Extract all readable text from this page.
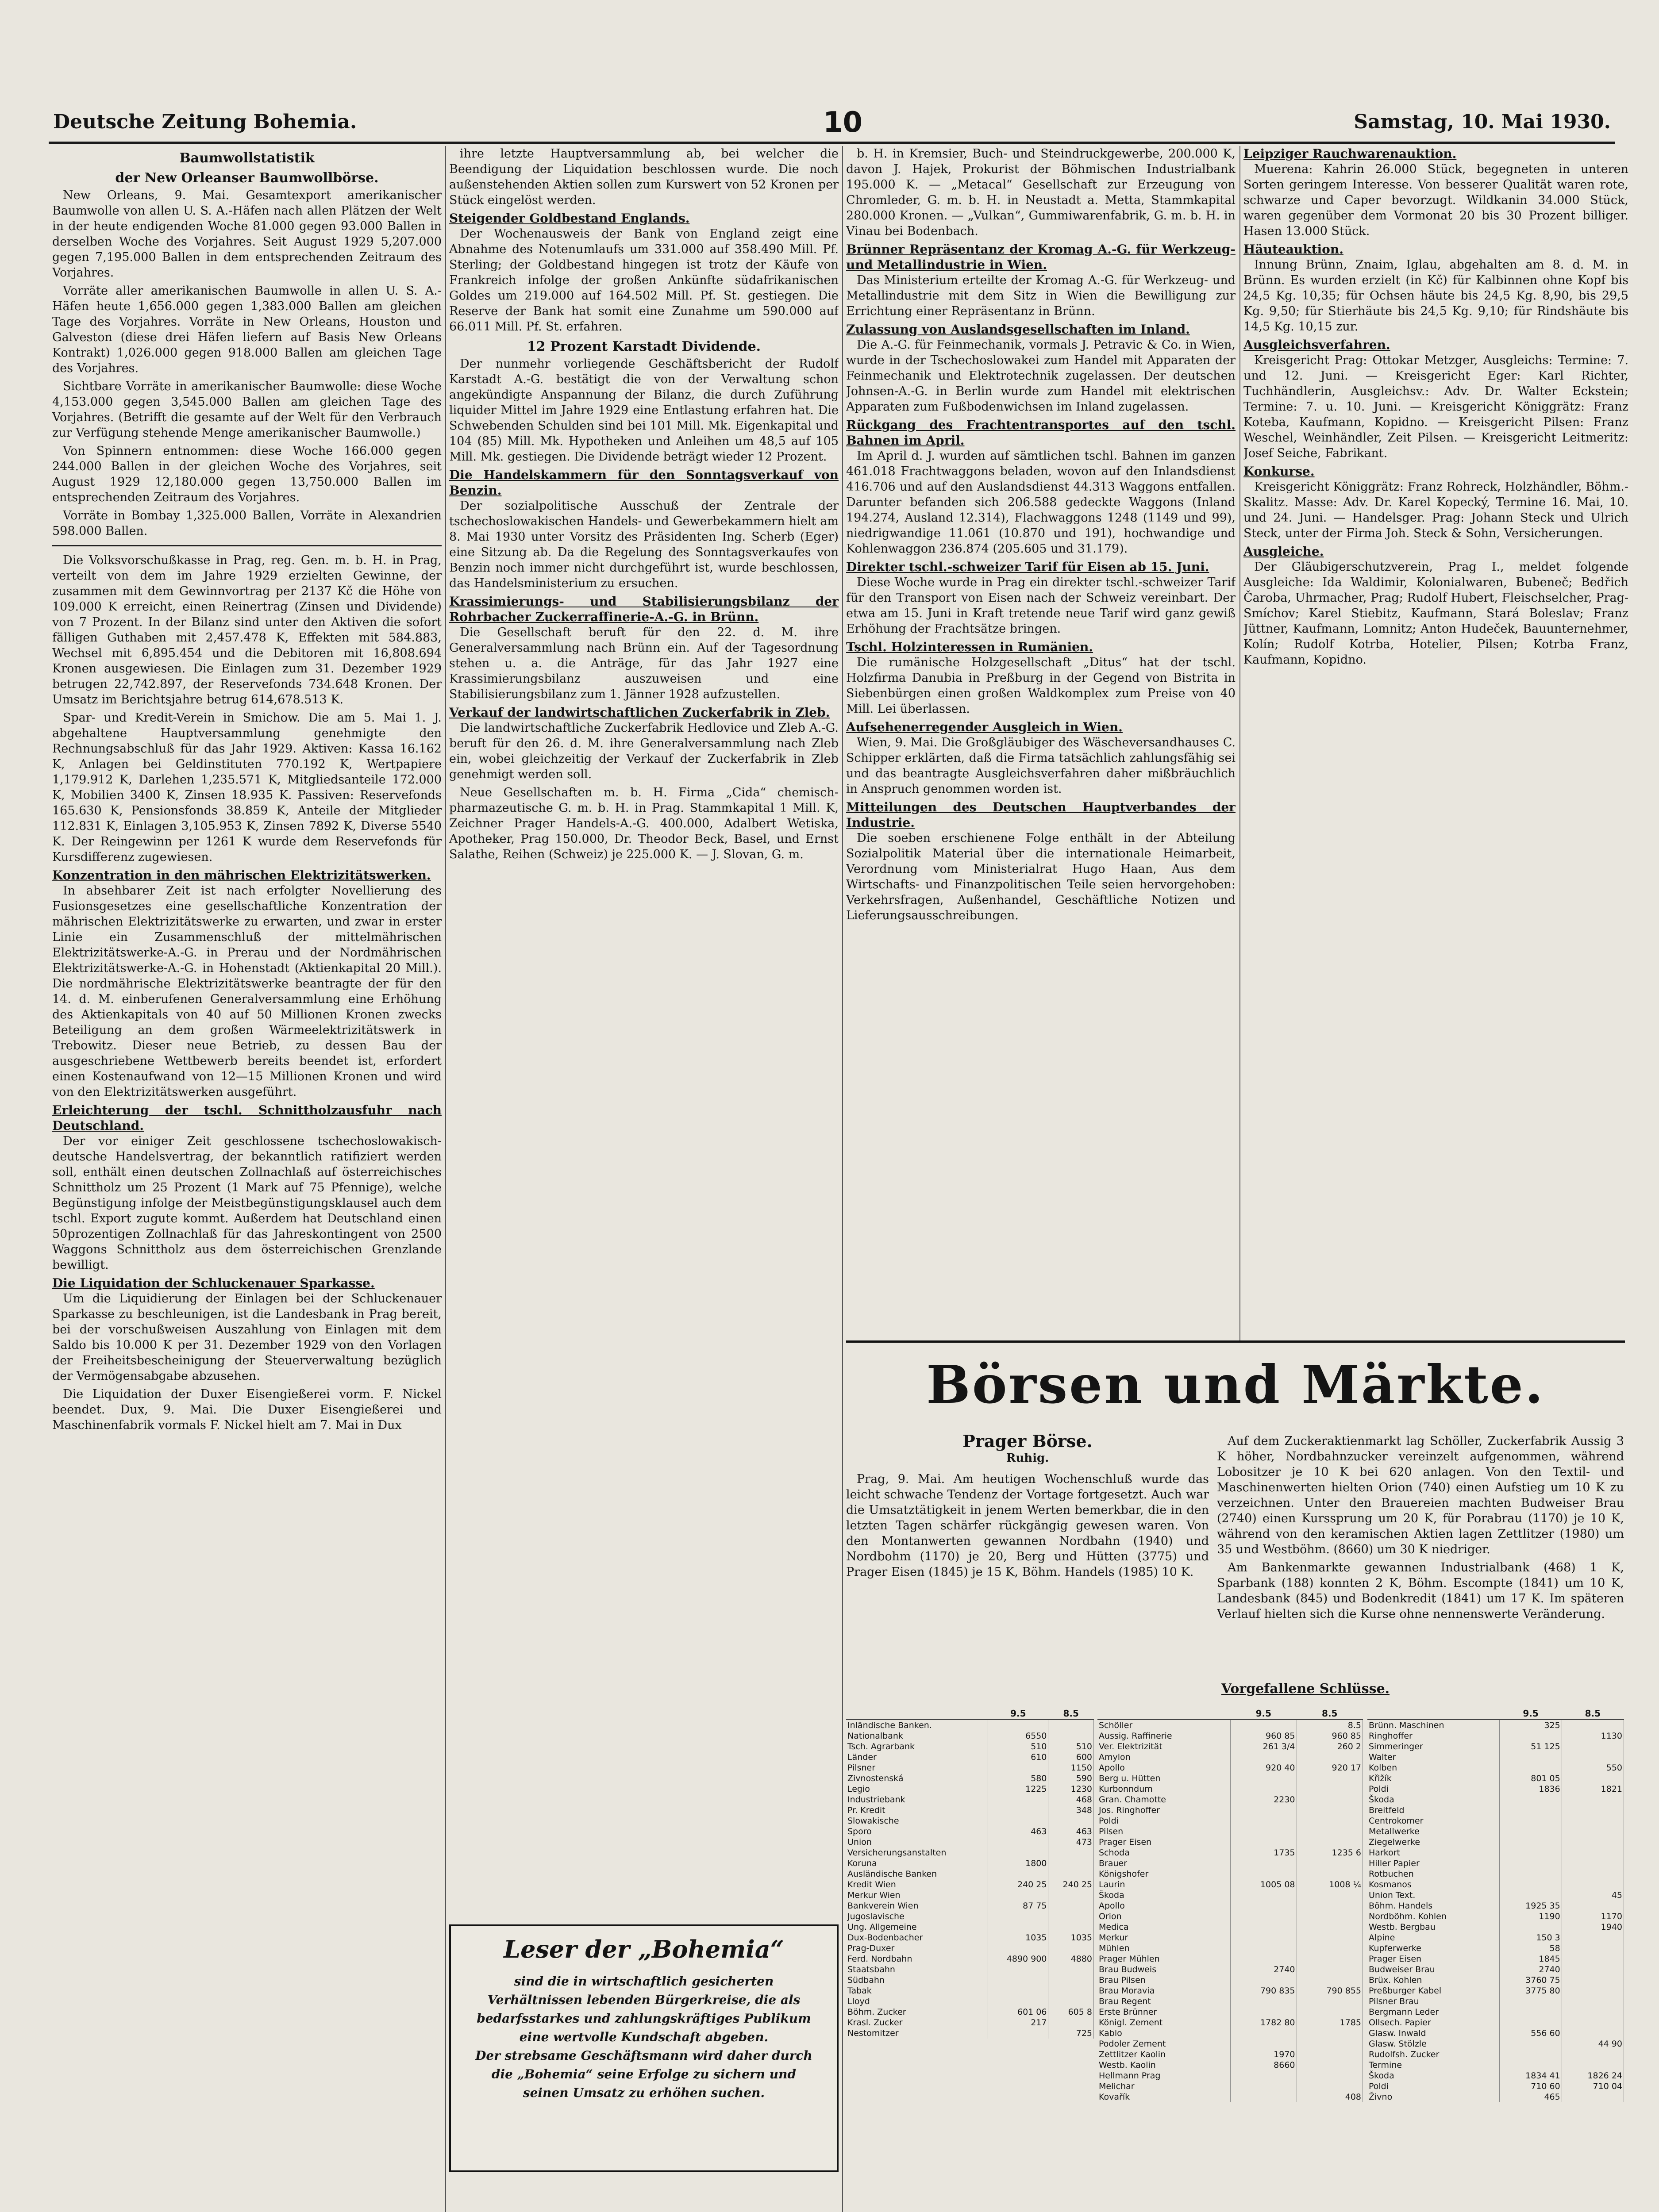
Deutsche Zeitung Bohemia.	10	Samstag, 10. Mai 1930.
Baumwollstatistik
der New Orleanser Baumwollbörse.

New Orleans, 9. Mai. Gesamtexport amerikanischer Baumwolle von allen U. S. A.-Häfen nach allen Plätzen der Welt in der heute endigenden Woche 81.000 gegen 93.000 Ballen in derselben Woche des Vorjahres. Seit August 1929 5,207.000 gegen 7,195.000 Ballen in dem entsprechenden Zeitraum des Vorjahres.

Vorräte aller amerikanischen Baumwolle in allen U. S. A.-Häfen heute 1,656.000 gegen 1,383.000 Ballen am gleichen Tage des Vorjahres. Vorräte in New Orleans, Houston und Galveston (diese drei Häfen liefern auf Basis New Orleans Kontrakt) 1,026.000 gegen 918.000 Ballen am gleichen Tage des Vorjahres.

Sichtbare Vorräte in amerikanischer Baumwolle: diese Woche 4,153.000 gegen 3,545.000 Ballen am gleichen Tage des Vorjahres. (Betrifft die gesamte auf der Welt für den Verbrauch zur Verfügung stehende Menge amerikanischer Baumwolle.)

Von Spinnern entnommen: diese Woche 166.000 gegen 244.000 Ballen in der gleichen Woche des Vorjahres, seit August 1929 12,180.000 gegen 13,750.000 Ballen im entsprechenden Zeitraum des Vorjahres.

Vorräte in Bombay 1,325.000 Ballen, Vorräte in Alexandrien 598.000 Ballen.

Die Volksvorschußkasse in Prag, reg. Gen. m. b. H. in Prag, verteilt von dem im Jahre 1929 erzielten Gewinne, der zusammen mit dem Gewinnvortrag per 2137 Kč die Höhe von 109.000 K erreicht, einen Reinertrag (Zinsen und Dividende) von 7 Prozent. In der Bilanz sind unter den Aktiven die sofort fälligen Guthaben mit 2,457.478 K, Effekten mit 584.883, Wechsel mit 6,895.454 und die Debitoren mit 16,808.694 Kronen ausgewiesen. Die Einlagen zum 31. Dezember 1929 betrugen 22,742.897, der Reservefonds 734.648 Kronen. Der Umsatz im Berichtsjahre betrug 614,678.513 K.

Spar- und Kredit-Verein in Smichow. Die am 5. Mai 1. J. abgehaltene Hauptversammlung genehmigte den Rechnungsabschluß für das Jahr 1929. Aktiven: Kassa 16.162 K, Anlagen bei Geldinstituten 770.192 K, Wertpapiere 1,179.912 K, Darlehen 1,235.571 K, Mitgliedsanteile 172.000 K, Mobilien 3400 K, Zinsen 18.935 K. Passiven: Reservefonds 165.630 K, Pensionsfonds 38.859 K, Anteile der Mitglieder 112.831 K, Einlagen 3,105.953 K, Zinsen 7892 K, Diverse 5540 K. Der Reingewinn per 1261 K wurde dem Reservefonds für Kursdifferenz zugewiesen.

Konzentration in den mährischen Elektrizitätswerken.

In absehbarer Zeit ist nach erfolgter Novellierung des Fusionsgesetzes eine gesellschaftliche Konzentration der mährischen Elektrizitätswerke zu erwarten, und zwar in erster Linie ein Zusammenschluß der mittelmährischen Elektrizitätswerke-A.-G. in Prerau und der Nordmährischen Elektrizitätswerke-A.-G. in Hohenstadt (Aktienkapital 20 Mill.). Die nordmährische Elektrizitätswerke beantragte der für den 14. d. M. einberufenen Generalversammlung eine Erhöhung des Aktienkapitals von 40 auf 50 Millionen Kronen zwecks Beteiligung an dem großen Wärmeelektrizitätswerk in Trebowitz. Dieser neue Betrieb, zu dessen Bau der ausgeschriebene Wettbewerb bereits beendet ist, erfordert einen Kostenaufwand von 12—15 Millionen Kronen und wird von den Elektrizitätswerken ausgeführt.

Erleichterung der tschl. Schnittholzausfuhr nach Deutschland.

Der vor einiger Zeit geschlossene tschechoslowakisch-deutsche Handelsvertrag, der bekanntlich ratifiziert werden soll, enthält einen deutschen Zollnachlaß auf österreichisches Schnittholz um 25 Prozent (1 Mark auf 75 Pfennige), welche Begünstigung infolge der Meistbegünstigungsklausel auch dem tschl. Export zugute kommt. Außerdem hat Deutschland einen 50prozentigen Zollnachlaß für das Jahreskontingent von 2500 Waggons Schnittholz aus dem österreichischen Grenzlande bewilligt.

Die Liquidation der Schluckenauer Sparkasse.

Um die Liquidierung der Einlagen bei der Schluckenauer Sparkasse zu beschleunigen, ist die Landesbank in Prag bereit, bei der vorschußweisen Auszahlung von Einlagen mit dem Saldo bis 10.000 K per 31. Dezember 1929 von den Vorlagen der Freiheitsbescheinigung der Steuerverwaltung bezüglich der Vermögensabgabe abzusehen.

Die Liquidation der Duxer Eisengießerei vorm. F. Nickel beendet. Dux, 9. Mai. Die Duxer Eisengießerei und Maschinenfabrik vormals F. Nickel hielt am 7. Mai in Dux

ihre letzte Hauptversammlung ab, bei welcher die Beendigung der Liquidation beschlossen wurde. Die noch außenstehenden Aktien sollen zum Kurswert von 52 Kronen per Stück eingelöst werden.

Steigender Goldbestand Englands.

Der Wochenausweis der Bank von England zeigt eine Abnahme des Notenumlaufs um 331.000 auf 358.490 Mill. Pf. Sterling; der Goldbestand hingegen ist trotz der Käufe von Frankreich infolge der großen Ankünfte südafrikanischen Goldes um 219.000 auf 164.502 Mill. Pf. St. gestiegen. Die Reserve der Bank hat somit eine Zunahme um 590.000 auf 66.011 Mill. Pf. St. erfahren.

12 Prozent Karstadt Dividende.

Der nunmehr vorliegende Geschäftsbericht der Rudolf Karstadt A.-G. bestätigt die von der Verwaltung schon angekündigte Anspannung der Bilanz, die durch Zuführung liquider Mittel im Jahre 1929 eine Entlastung erfahren hat. Die Schwebenden Schulden sind bei 101 Mill. Mk. Eigenkapital und 104 (85) Mill. Mk. Hypotheken und Anleihen um 48,5 auf 105 Mill. Mk. gestiegen. Die Dividende beträgt wieder 12 Prozent.

Die Handelskammern für den Sonntagsverkauf von Benzin.

Der sozialpolitische Ausschuß der Zentrale der tschechoslowakischen Handels- und Gewerbekammern hielt am 8. Mai 1930 unter Vorsitz des Präsidenten Ing. Scherb (Eger) eine Sitzung ab. Da die Regelung des Sonntagsverkaufes von Benzin noch immer nicht durchgeführt ist, wurde beschlossen, das Handelsministerium zu ersuchen.

Krassimierungs- und Stabilisierungsbilanz der Rohrbacher Zuckerraffinerie-A.-G. in Brünn.

Die Gesellschaft beruft für den 22. d. M. ihre Generalversammlung nach Brünn ein. Auf der Tagesordnung stehen u. a. die Anträge, für das Jahr 1927 eine Krassimierungsbilanz auszuweisen und eine Stabilisierungsbilanz zum 1. Jänner 1928 aufzustellen.

Verkauf der landwirtschaftlichen Zuckerfabrik in Zleb.

Die landwirtschaftliche Zuckerfabrik Hedlovice und Zleb A.-G. beruft für den 26. d. M. ihre Generalversammlung nach Zleb ein, wobei gleichzeitig der Verkauf der Zuckerfabrik in Zleb genehmigt werden soll.

Neue Gesellschaften m. b. H. Firma „Cida“ chemisch-pharmazeutische G. m. b. H. in Prag. Stammkapital 1 Mill. K, Zeichner Prager Handels-A.-G. 400.000, Adalbert Wetiska, Apotheker, Prag 150.000, Dr. Theodor Beck, Basel, und Ernst Salathe, Reihen (Schweiz) je 225.000 K. — J. Slovan, G. m.

Leser der „Bohemia“
sind die in wirtschaftlich gesicherten Verhältnissen lebenden Bürgerkreise, die als bedarfsstarkes und zahlungskräftiges Publikum eine wertvolle Kundschaft abgeben.
Der strebsame Geschäftsmann wird daher durch die „Bohemia“ seine Erfolge zu sichern und seinen Umsatz zu erhöhen suchen.

b. H. in Kremsier, Buch- und Steindruckgewerbe, 200.000 K, davon J. Hajek, Prokurist der Böhmischen Industrialbank 195.000 K. — „Metacal“ Gesellschaft zur Erzeugung von Chromleder, G. m. b. H. in Neustadt a. Metta, Stammkapital 280.000 Kronen. — „Vulkan“, Gummiwarenfabrik, G. m. b. H. in Vinau bei Bodenbach.

Brünner Repräsentanz der Kromag A.-G. für Werkzeug- und Metallindustrie in Wien.

Das Ministerium erteilte der Kromag A.-G. für Werkzeug- und Metallindustrie mit dem Sitz in Wien die Bewilligung zur Errichtung einer Repräsentanz in Brünn.

Zulassung von Auslandsgesellschaften im Inland.

Die A.-G. für Feinmechanik, vormals J. Petravic & Co. in Wien, wurde in der Tschechoslowakei zum Handel mit Apparaten der Feinmechanik und Elektrotechnik zugelassen. Der deutschen Johnsen-A.-G. in Berlin wurde zum Handel mit elektrischen Apparaten zum Fußbodenwichsen im Inland zugelassen.

Rückgang des Frachtentransportes auf den tschl. Bahnen im April.

Im April d. J. wurden auf sämtlichen tschl. Bahnen im ganzen 461.018 Frachtwaggons beladen, wovon auf den Inlandsdienst 416.706 und auf den Auslandsdienst 44.313 Waggons entfallen. Darunter befanden sich 206.588 gedeckte Waggons (Inland 194.274, Ausland 12.314), Flachwaggons 1248 (1149 und 99), niedrigwandige 11.061 (10.870 und 191), hochwandige und Kohlenwaggon 236.874 (205.605 und 31.179).

Direkter tschl.-schweizer Tarif für Eisen ab 15. Juni.

Diese Woche wurde in Prag ein direkter tschl.-schweizer Tarif für den Transport von Eisen nach der Schweiz vereinbart. Der etwa am 15. Juni in Kraft tretende neue Tarif wird ganz gewiß Erhöhung der Frachtsätze bringen.

Tschl. Holzinteressen in Rumänien.

Die rumänische Holzgesellschaft „Ditus“ hat der tschl. Holzfirma Danubia in Preßburg in der Gegend von Bistrita in Siebenbürgen einen großen Waldkomplex zum Preise von 40 Mill. Lei überlassen.

Aufsehenerregender Ausgleich in Wien.

Wien, 9. Mai. Die Großgläubiger des Wäscheversandhauses C. Schipper erklärten, daß die Firma tatsächlich zahlungsfähig sei und das beantragte Ausgleichsverfahren daher mißbräuchlich in Anspruch genommen worden ist.

Mitteilungen des Deutschen Hauptverbandes der Industrie.

Die soeben erschienene Folge enthält in der Abteilung Sozialpolitik Material über die internationale Heimarbeit, Verordnung vom Ministerialrat Hugo Haan, Aus dem Wirtschafts- und Finanzpolitischen Teile seien hervorgehoben: Verkehrsfragen, Außenhandel, Geschäftliche Notizen und Lieferungsausschreibungen.

Leipziger Rauchwarenauktion.

Muerena: Kahrin 26.000 Stück, begegneten in unteren Sorten geringem Interesse. Von besserer Qualität waren rote, schwarze und Caper bevorzugt. Wildkanin 34.000 Stück, waren gegenüber dem Vormonat 20 bis 30 Prozent billiger. Hasen 13.000 Stück.

Häuteauktion.

Innung Brünn, Znaim, Iglau, abgehalten am 8. d. M. in Brünn. Es wurden erzielt (in Kč) für Kalbinnen ohne Kopf bis 24,5 Kg. 10,35; für Ochsen häute bis 24,5 Kg. 8,90, bis 29,5 Kg. 9,50; für Stierhäute bis 24,5 Kg. 9,10; für Rindshäute bis 14,5 Kg. 10,15 zur.

Ausgleichsverfahren.

Kreisgericht Prag: Ottokar Metzger, Ausgleichs: Termine: 7. und 12. Juni. — Kreisgericht Eger: Karl Richter, Tuchhändlerin, Ausgleichsv.: Adv. Dr. Walter Eckstein; Termine: 7. u. 10. Juni. — Kreisgericht Königgrätz: Franz Koteba, Kaufmann, Kopidno. — Kreisgericht Pilsen: Franz Weschel, Weinhändler, Zeit Pilsen. — Kreisgericht Leitmeritz: Josef Seiche, Fabrikant.

Konkurse.

Kreisgericht Königgrätz: Franz Rohreck, Holzhändler, Böhm.-Skalitz. Masse: Adv. Dr. Karel Kopecký, Termine 16. Mai, 10. und 24. Juni. — Handelsger. Prag: Johann Steck und Ulrich Steck, unter der Firma Joh. Steck & Sohn, Versicherungen.

Ausgleiche.

Der Gläubigerschutzverein, Prag I., meldet folgende Ausgleiche: Ida Waldimir, Kolonialwaren, Bubeneč; Bedřich Čaroba, Uhrmacher, Prag; Rudolf Hubert, Fleischselcher, Prag-Smíchov; Karel Stiebitz, Kaufmann, Stará Boleslav; Franz Jüttner, Kaufmann, Lomnitz; Anton Hudeček, Bauunternehmer, Kolín; Rudolf Kotrba, Hotelier, Pilsen; Kotrba Franz, Kaufmann, Kopidno.

Börsen und Märkte.
Prager Börse.
Ruhig.

Prag, 9. Mai. Am heutigen Wochenschluß wurde das leicht schwache Tendenz der Vortage fortgesetzt. Auch war die Umsatztätigkeit in jenem Werten bemerkbar, die in den letzten Tagen schärfer rückgängig gewesen waren. Von den Montanwerten gewannen Nordbahn (1940) und Nordbohm (1170) je 20, Berg und Hütten (3775) und Prager Eisen (1845) je 15 K, Böhm. Handels (1985) 10 K.

Auf dem Zuckeraktienmarkt lag Schöller, Zuckerfabrik Aussig 3 K höher, Nordbahnzucker vereinzelt aufgenommen, während Lobositzer je 10 K bei 620 anlagen. Von den Textil- und Maschinenwerten hielten Orion (740) einen Aufstieg um 10 K zu verzeichnen. Unter den Brauereien machten Budweiser Brau (2740) einen Kurssprung um 20 K, für Porabrau (1170) je 10 K, während von den keramischen Aktien lagen Zettlitzer (1980) um 35 und Westböhm. (8660) um 30 K niedriger.

Am Bankenmarkte gewannen Industrialbank (468) 1 K, Sparbank (188) konnten 2 K, Böhm. Escompte (1841) um 10 K, Landesbank (845) und Bodenkredit (1841) um 17 K. Im späteren Verlauf hielten sich die Kurse ohne nennenswerte Veränderung.

Vorgefallene Schlüsse.
	9.5	8.5
Inländische Banken.		
Nationalbank	6550	
Tsch. Agrarbank	510	510
Länder	610	600
Pilsner		1150
Zivnostenská	580	590
Legio	1225	1230
Industriebank		468
Pr. Kredit		348
Slowakische		
Sporo	463	463
Union		473

Versicherungsanstalten		
Koruna	1800	

Ausländische Banken		
Kredit Wien	240 25	240 25
Merkur Wien		
Bankverein Wien	87 75	
Jugoslavische		
Ung. Allgemeine		
Dux-Bodenbacher	1035	1035
Prag-Duxer		
Ferd. Nordbahn	4890 900	4880
Staatsbahn		
Südbahn		
Tabak		
Lloyd		
Böhm. Zucker	601 06	605 8
Krasl. Zucker	217	
Nestomitzer		725
	9.5	8.5
Schöller		8.5
Aussig. Raffinerie	960 85	960 85
Ver. Elektrizität	261 3/4	260 2
Amylon		
Apollo	920 40	920 17
Berg u. Hütten		
Kurbonndum		
Gran. Chamotte	2230	
Jos. Ringhoffer		
Poldi		
Pilsen		
Prager Eisen		
Schoda	1735	1235 6
Brauer		
Königshofer		
Laurin	1005 08	1008 ¼
Škoda		
Apollo		
Orion		
Medica		
Merkur		
Mühlen		
Prager Mühlen		
Brau Budweis	2740	
Brau Pilsen		
Brau Moravia	790 835	790 855
Brau Regent		
Erste Brünner		
Königl. Zement	1782 80	1785
Kablo		
Podoler Zement		
Zettlitzer Kaolin	1970	
Westb. Kaolin	8660	
Hellmann Prag		
Melichar		
Kovařík		408
	9.5	8.5
Brünn. Maschinen	325	
Ringhoffer		1130
Simmeringer	51 125	
Walter		
Kolben		550
Křižík	801 05	
Poldi	1836	1821
Škoda		
Breitfeld		
Centrokomer		
Metallwerke		
Ziegelwerke		
Harkort		
Hiller Papier		
Rotbuchen		
Kosmanos		
Union Text.		45
Böhm. Handels	1925 35	
Nordböhm. Kohlen	1190	1170
Westb. Bergbau		1940
Alpine	150 3	
Kupferwerke	58	
Prager Eisen	1845	
Budweiser Brau	2740	
Brüx. Kohlen	3760 75	
Preßburger Kabel	3775 80	
Pilsner Brau		
Bergmann Leder		
Ollsech. Papier		
Glasw. Inwald	556 60	
Glasw. Stölzle		44 90
Rudolfsh. Zucker		
Termine		
Škoda	1834 41	1826 24
Poldi	710 60	710 04
Živno	465	
